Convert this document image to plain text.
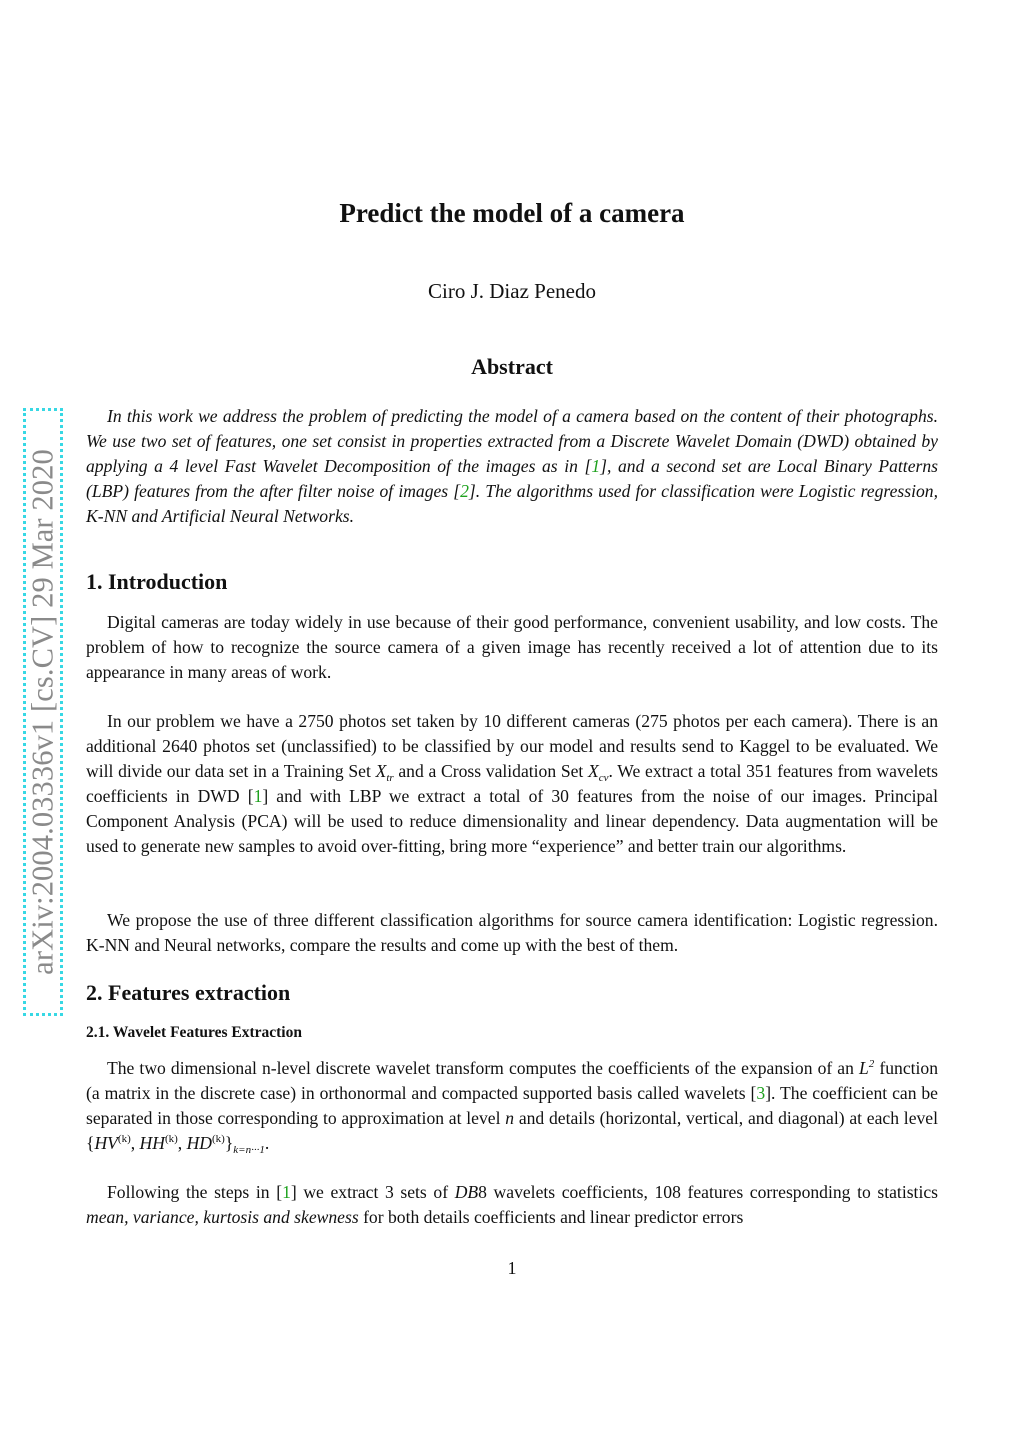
arXiv:2004.03336v1 [cs.CV] 29 Mar 2020
Predict the model of a camera
Ciro J. Diaz Penedo
Abstract
In this work we address the problem of predicting the model of a camera based on the content of their photographs. We use two set of features, one set consist in properties extracted from a Discrete Wavelet Domain (DWD) obtained by applying a 4 level Fast Wavelet Decomposition of the images as in [1], and a second set are Local Binary Patterns (LBP) features from the after filter noise of images [2]. The algorithms used for classification were Logistic regression, K-NN and Artificial Neural Networks.
1. Introduction
Digital cameras are today widely in use because of their good performance, convenient usability, and low costs. The problem of how to recognize the source camera of a given image has recently received a lot of attention due to its appearance in many areas of work.
In our problem we have a 2750 photos set taken by 10 different cameras (275 photos per each camera). There is an additional 2640 photos set (unclassified) to be classified by our model and results send to Kaggel to be evaluated. We will divide our data set in a Training Set $X_{tr}$ and a Cross validation Set $X_{cv}$. We extract a total 351 features from wavelets coefficients in DWD [1] and with LBP we extract a total of 30 features from the noise of our images. Principal Component Analysis (PCA) will be used to reduce dimensionality and linear dependency. Data augmentation will be used to generate new samples to avoid over-fitting, bring more “experience” and better train our algorithms.
We propose the use of three different classification algorithms for source camera identification: Logistic regression. K-NN and Neural networks, compare the results and come up with the best of them.
2. Features extraction
2.1. Wavelet Features Extraction
The two dimensional n-level discrete wavelet transform computes the coefficients of the expansion of an $L^2$ function (a matrix in the discrete case) in orthonormal and compacted supported basis called wavelets [3]. The coefficient can be separated in those corresponding to approximation at level n and details (horizontal, vertical, and diagonal) at each level {HV$^{(k)}$, HH$^{(k)}$, $HD^{(k)}\}_{k=n\cdot\cdot\cdot 1}$.
Following the steps in [1] we extract 3 sets of DB8 wavelets coefficients, 108 features corresponding to statistics mean, variance, kurtosis and skewness for both details coefficients and linear predictor errors
1
